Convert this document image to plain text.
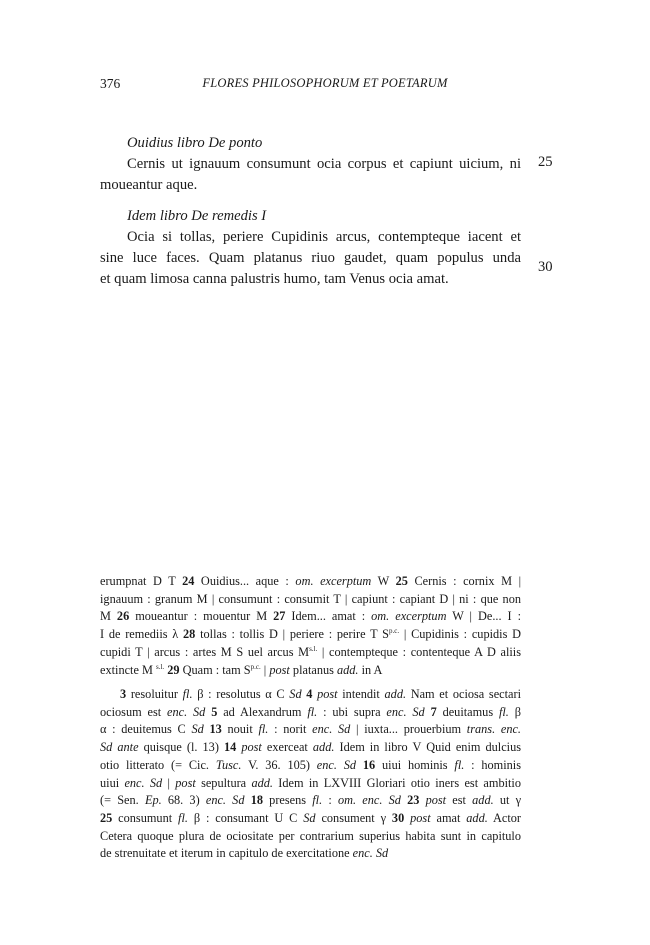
376	FLORES PHILOSOPHORUM ET POETARUM
Ouidius libro De ponto
Cernis ut ignauum consumunt ocia corpus et capiunt uicium, ni
moueantur aque.
Idem libro De remedis I
Ocia si tollas, periere Cupidinis arcus, contempteque iacent et
sine luce faces. Quam platanus riuo gaudet, quam populus unda
et quam limosa canna palustris humo, tam Venus ocia amat.
25
30
erumpnat D T 24 Ouidius... aque : om. excerptum W 25 Cernis : cornix M |
ignauum : granum M | consumunt : consumit T | capiunt : capiant D | ni : que non
M 26 moueantur : mouentur M 27 Idem... amat : om. excerptum W | De... I :
I de remediis λ 28 tollas : tollis D | periere : perire T $S^{p.c.}$ | Cupidinis : cupidis D
cupidi T | arcus : artes M S uel arcus $M^{s.l.}$ | contempteque : contenteque A D aliis
extincte M $^{s.l.}$ 29 Quam : tam $S^{p.c.}$ | post platanus add. in A
3 resoluitur fl. β : resolutus α C Sd 4 post intendit add. Nam et ociosa sectari
ociosum est enc. Sd 5 ad Alexandrum fl. : ubi supra enc. Sd 7 deuitamus fl. β
α : deuitemus C Sd 13 nouit fl. : norit enc. Sd | iuxta... prouerbium trans. enc.
Sd ante quisque (l. 13) 14 post exerceat add. Idem in libro V Quid enim dulcius
otio litterato (= Cic. Tusc. V. 36. 105) enc. Sd 16 uiui hominis fl. : hominis
uiui enc. Sd | post sepultura add. Idem in LXVIII Gloriari otio iners est ambitio
(= Sen. Ep. 68. 3) enc. Sd 18 presens fl. : om. enc. Sd 23 post est add. ut γ
25 consumunt fl. β : consumant U C Sd consument γ 30 post amat add. Actor
Cetera quoque plura de ociositate per contrarium superius habita sunt in capitulo
de strenuitate et iterum in capitulo de exercitatione enc. Sd
